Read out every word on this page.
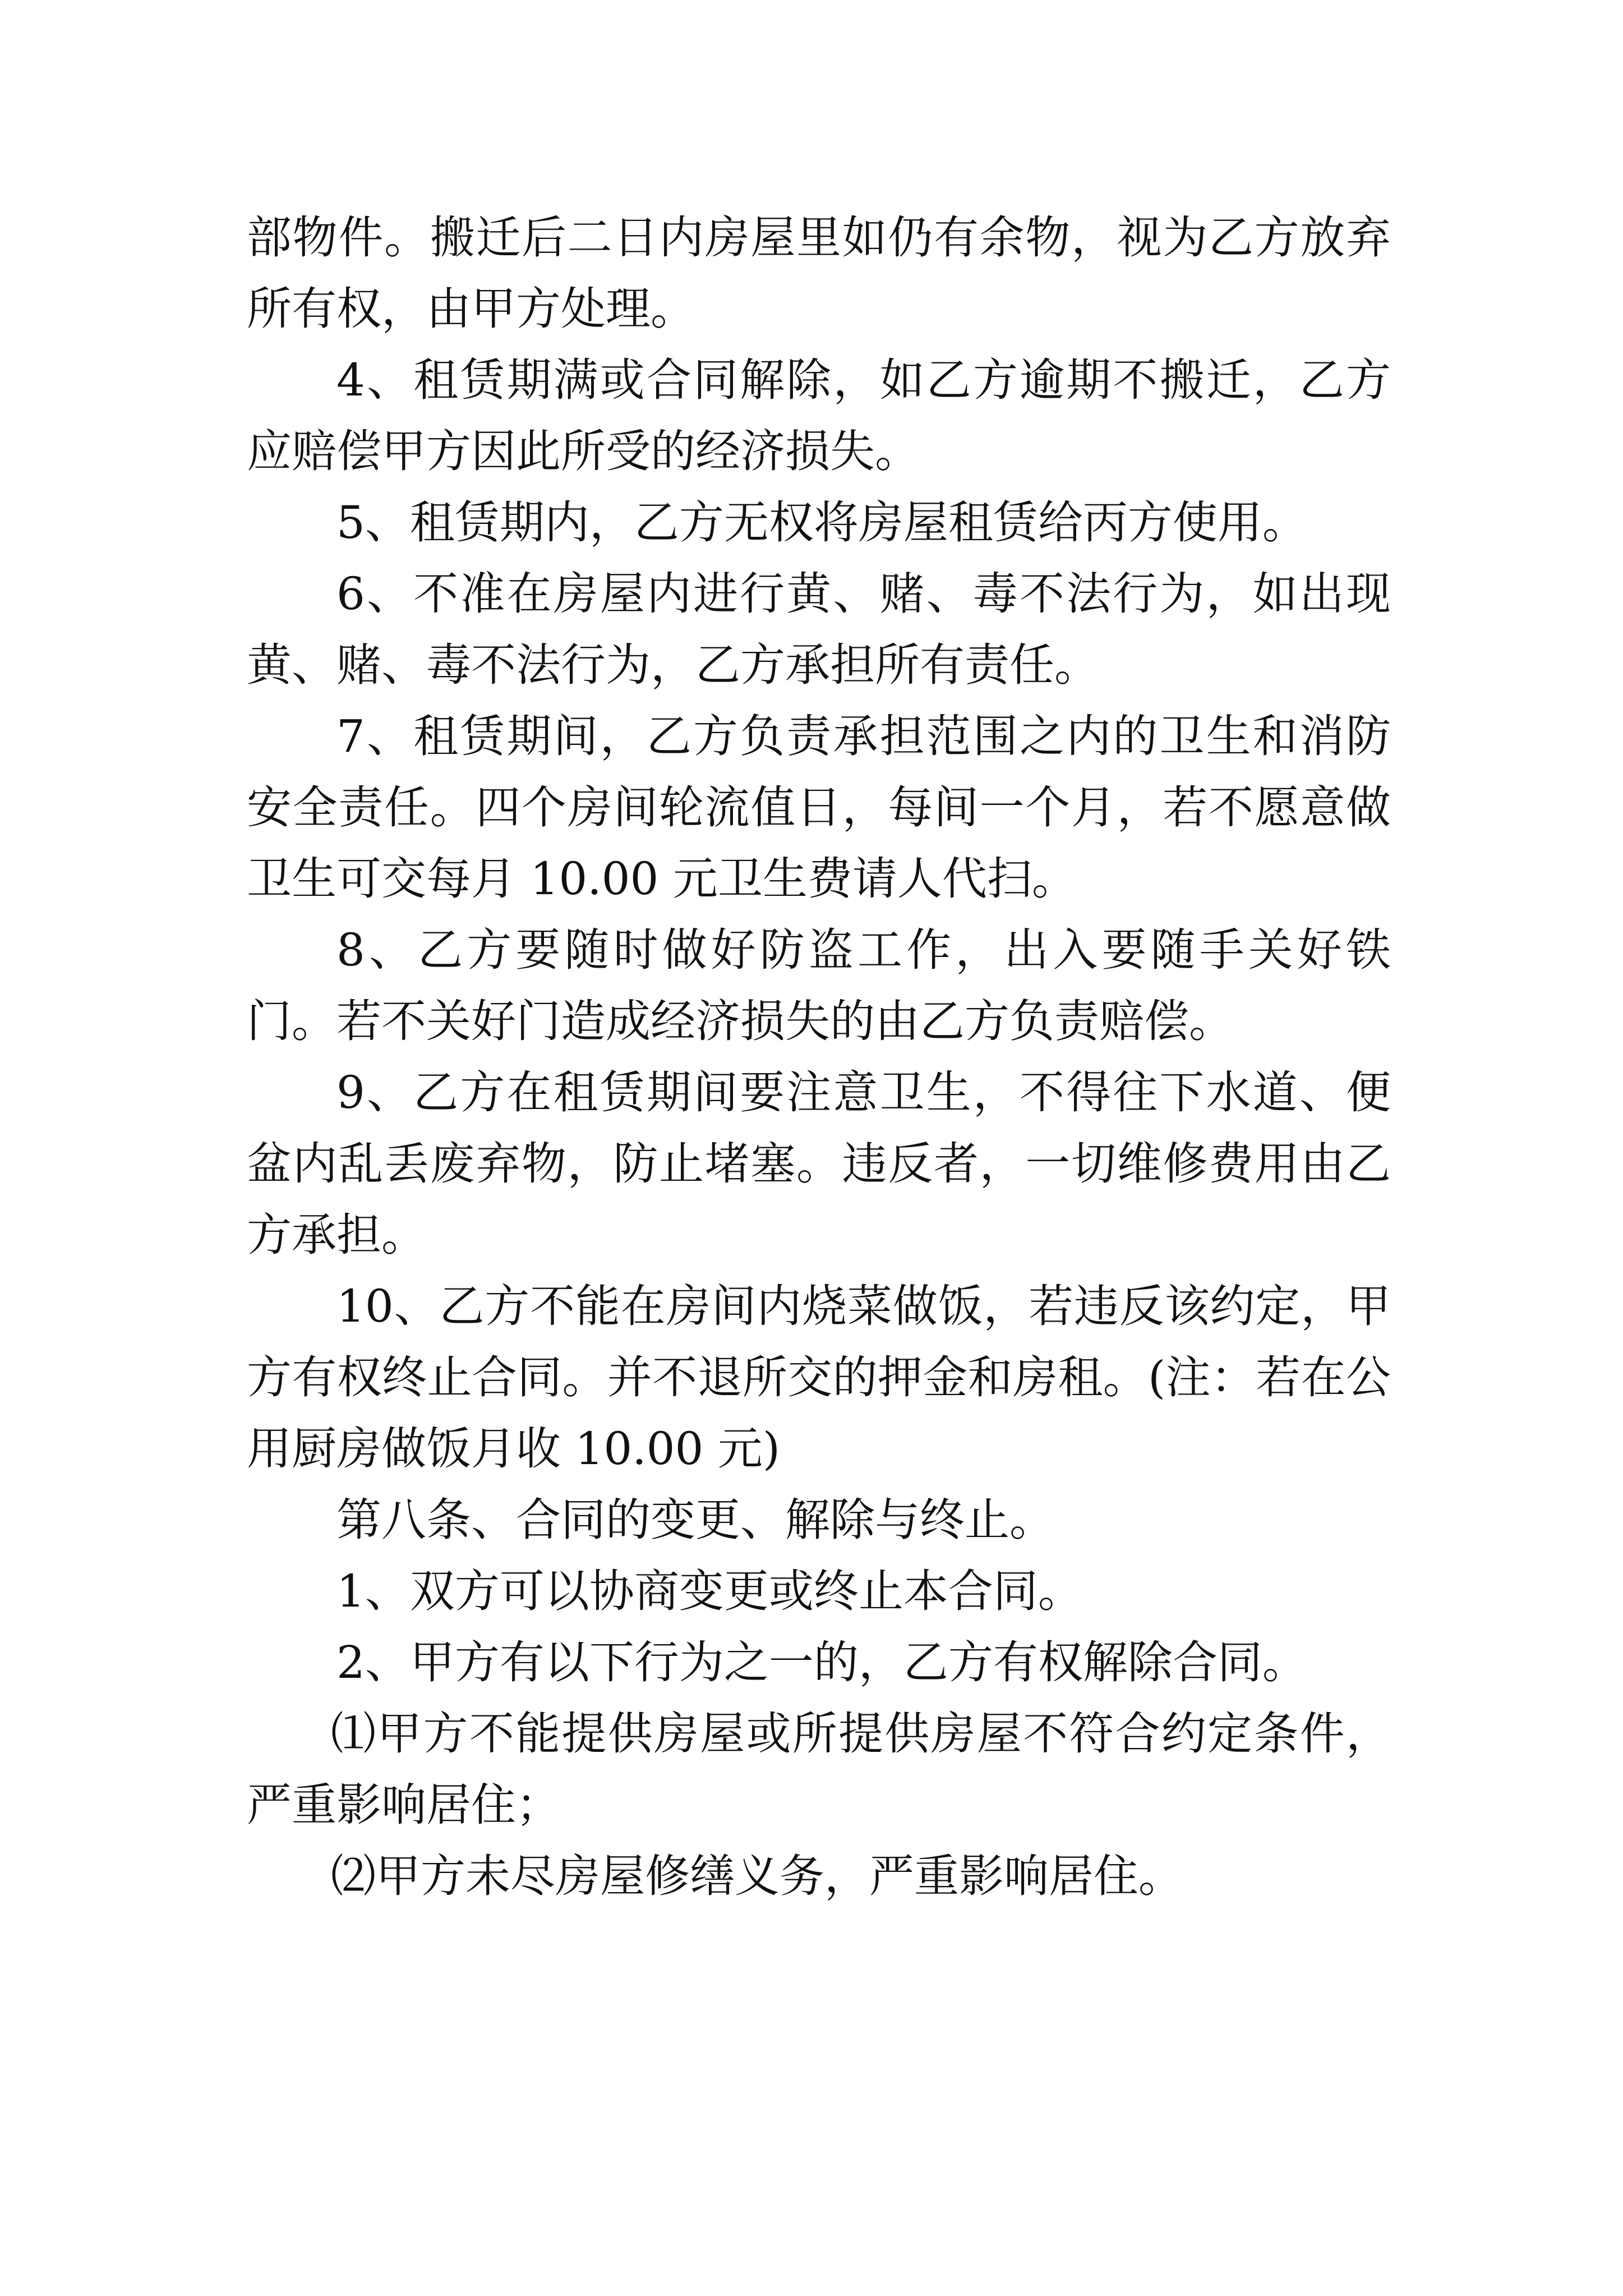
部物件。搬迁后二日内房屋里如仍有余物，视为乙方放弃所有权，由甲方处理。

4、租赁期满或合同解除，如乙方逾期不搬迁，乙方应赔偿甲方因此所受的经济损失。

5、租赁期内，乙方无权将房屋租赁给丙方使用。

6、不准在房屋内进行黄、赌、毒不法行为，如出现黄、赌、毒不法行为，乙方承担所有责任。

7、租赁期间，乙方负责承担范围之内的卫生和消防安全责任。四个房间轮流值日，每间一个月，若不愿意做卫生可交每月 10.00 元卫生费请人代扫。

8、乙方要随时做好防盗工作，出入要随手关好铁门。若不关好门造成经济损失的由乙方负责赔偿。

9、乙方在租赁期间要注意卫生，不得往下水道、便盆内乱丢废弃物，防止堵塞。违反者，一切维修费用由乙方承担。

10、乙方不能在房间内烧菜做饭，若违反该约定，甲方有权终止合同。并不退所交的押金和房租。(注：若在公用厨房做饭月收 10.00 元)

第八条、合同的变更、解除与终止。

1、双方可以协商变更或终止本合同。

2、甲方有以下行为之一的，乙方有权解除合同。

⑴甲方不能提供房屋或所提供房屋不符合约定条件，严重影响居住；

⑵甲方未尽房屋修缮义务，严重影响居住。
